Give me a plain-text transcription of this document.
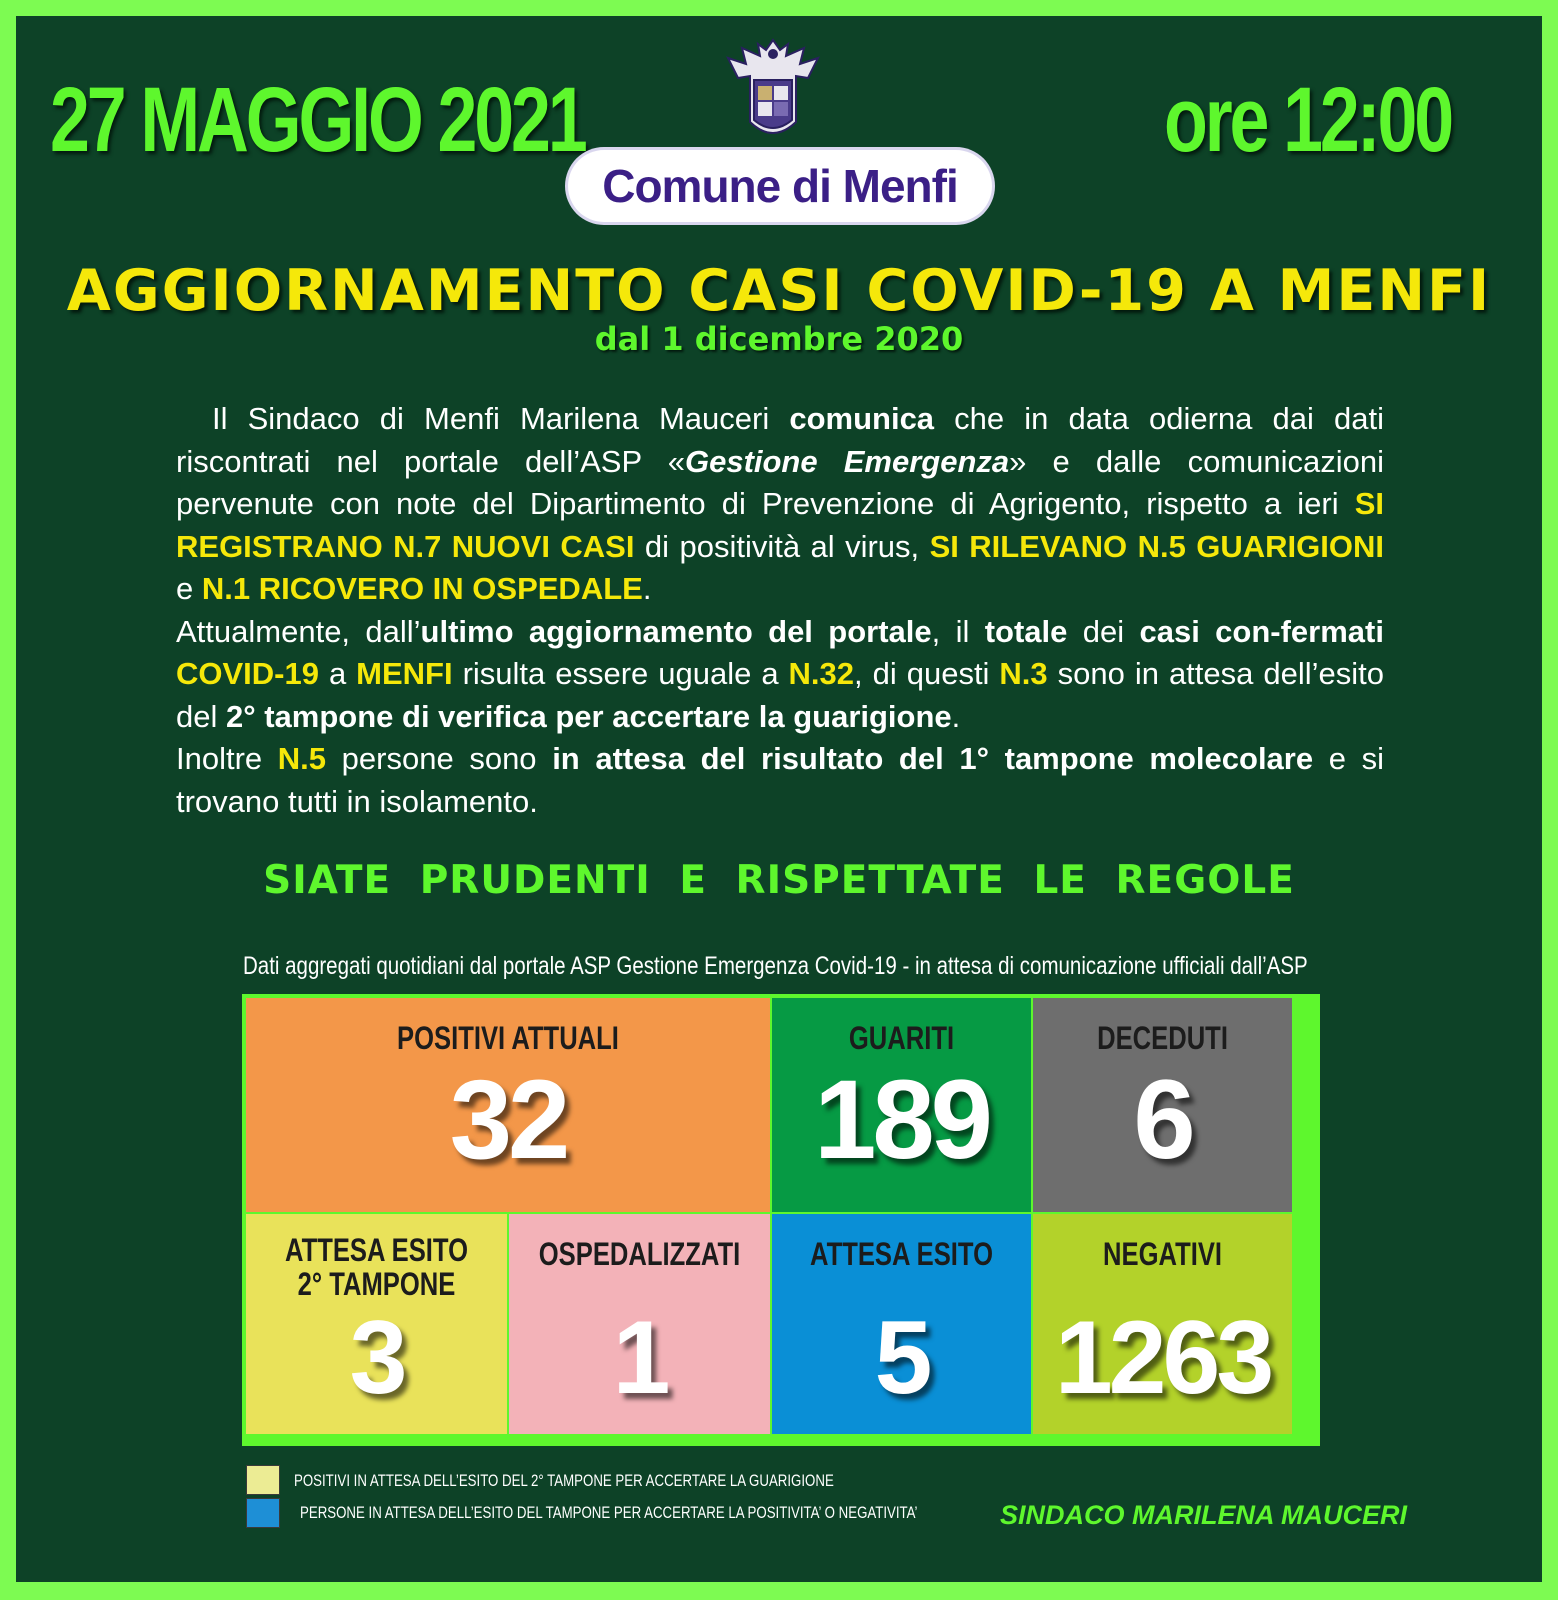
27 MAGGIO 2021	ore 12:00
Comune di Menfi
AGGIORNAMENTO CASI COVID-19 A MENFI
dal 1 dicembre 2020

Il Sindaco di Menfi Marilena Mauceri comunica che in data odierna dai dati riscontrati nel portale dell’ASP «Gestione Emergenza» e dalle comunicazioni pervenute con note del Dipartimento di Prevenzione di Agrigento, rispetto a ieri SI REGISTRANO N.7 NUOVI CASI di positività al virus, SI RILEVANO N.5 GUARIGIONI e N.1 RICOVERO IN OSPEDALE.

Attualmente, dall’ultimo aggiornamento del portale, il totale dei casi con-fermati COVID-19 a MENFI risulta essere uguale a N.32, di questi N.3 sono in attesa dell’esito del 2° tampone di verifica per accertare la guarigione.

Inoltre N.5 persone sono in attesa del risultato del 1° tampone molecolare e si trovano tutti in isolamento.

SIATE PRUDENTI E RISPETTATE LE REGOLE
Dati aggregati quotidiani dal portale ASP Gestione Emergenza Covid-19 - in attesa di comunicazione ufficiali dall’ASP
POSITIVI ATTUALI
32
GUARITI
189
DECEDUTI
6
ATTESA ESITO
2° TAMPONE
3
OSPEDALIZZATI
1
ATTESA ESITO
5
NEGATIVI
1263
POSITIVI IN ATTESA DELL’ESITO DEL 2° TAMPONE PER ACCERTARE LA GUARIGIONE
PERSONE IN ATTESA DELL’ESITO DEL TAMPONE PER ACCERTARE LA POSITIVITA’ O NEGATIVITA’	SINDACO MARILENA MAUCERI
